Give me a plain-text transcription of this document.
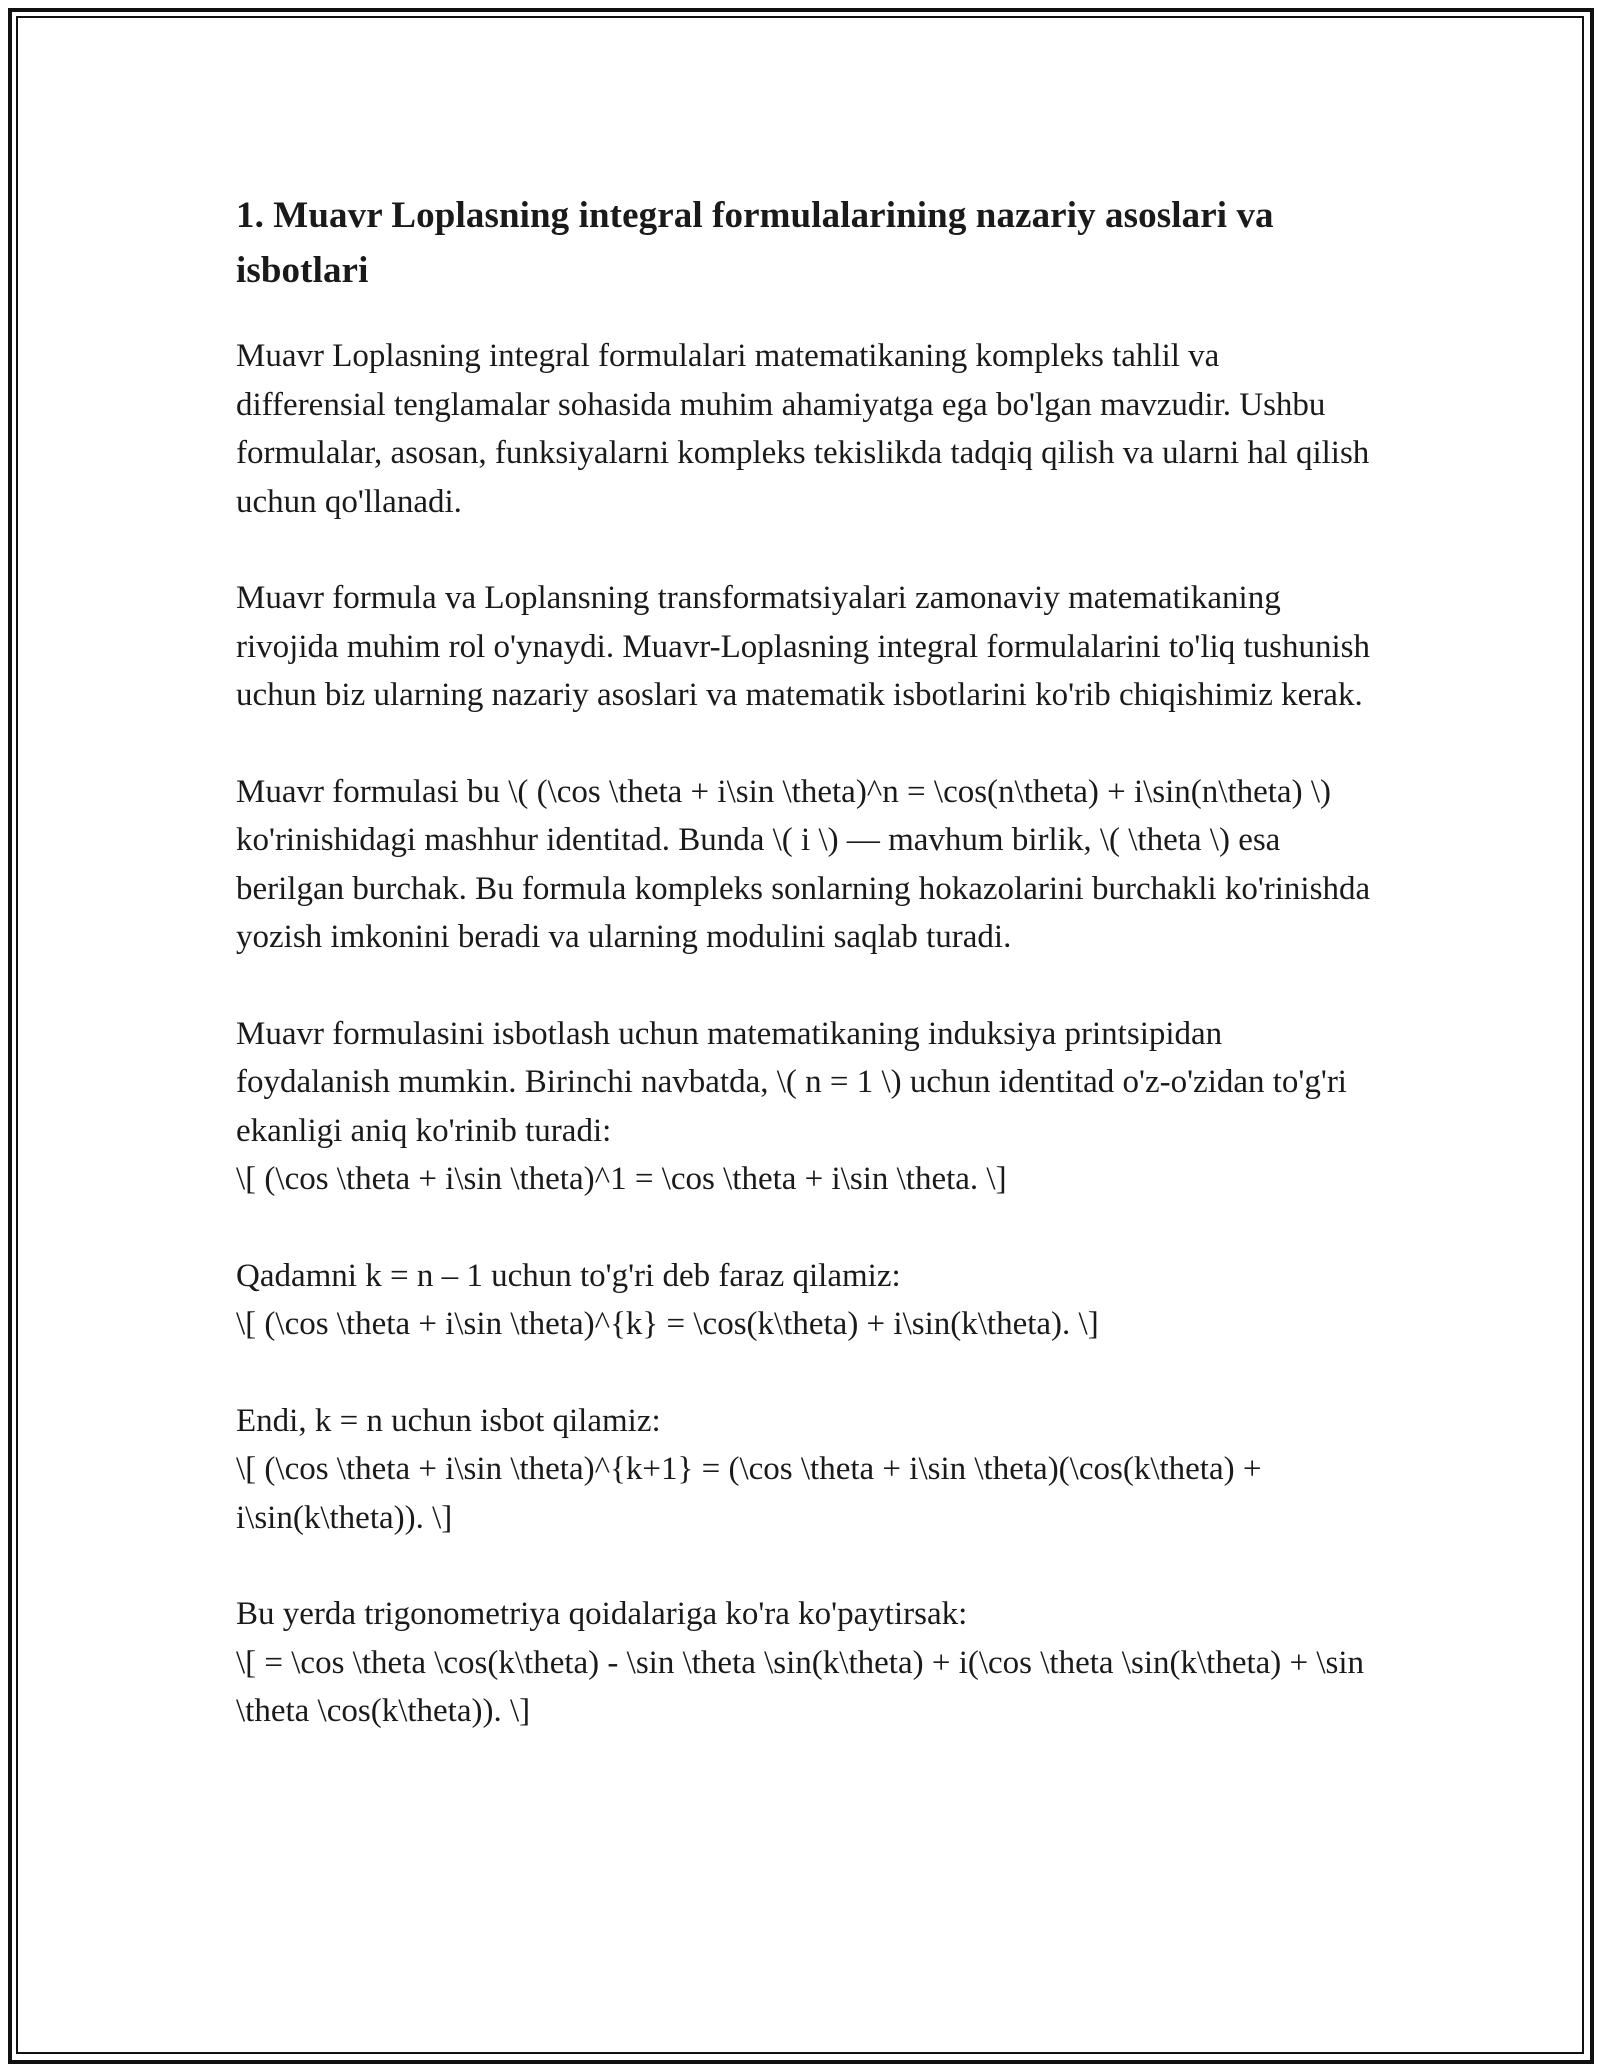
1. Muavr Loplasning integral formulalarining nazariy asoslari va isbotlari

Muavr Loplasning integral formulalari matematikaning kompleks tahlil va differensial tenglamalar sohasida muhim ahamiyatga ega bo'lgan mavzudir. Ushbu formulalar, asosan, funksiyalarni kompleks tekislikda tadqiq qilish va ularni hal qilish uchun qo'llanadi.

Muavr formula va Loplansning transformatsiyalari zamonaviy matematikaning rivojida muhim rol o'ynaydi. Muavr-Loplasning integral formulalarini to'liq tushunish uchun biz ularning nazariy asoslari va matematik isbotlarini ko'rib chiqishimiz kerak.

Muavr formulasi bu \( (\cos \theta + i\sin \theta)^n = \cos(n\theta) + i\sin(n\theta) \) ko'rinishidagi mashhur identitad. Bunda \( i \) — mavhum birlik, \( \theta \) esa berilgan burchak. Bu formula kompleks sonlarning hokazolarini burchakli ko'rinishda yozish imkonini beradi va ularning modulini saqlab turadi.

Muavr formulasini isbotlash uchun matematikaning induksiya printsipidan foydalanish mumkin. Birinchi navbatda, \( n = 1 \) uchun identitad o'z-o'zidan to'g'ri ekanligi aniq ko'rinib turadi:
\[ (\cos \theta + i\sin \theta)^1 = \cos \theta + i\sin \theta. \]

Qadamni k = n – 1 uchun to'g'ri deb faraz qilamiz:
\[ (\cos \theta + i\sin \theta)^{k} = \cos(k\theta) + i\sin(k\theta). \]

Endi, k = n uchun isbot qilamiz:
\[ (\cos \theta + i\sin \theta)^{k+1} = (\cos \theta + i\sin \theta)(\cos(k\theta) + i\sin(k\theta)). \]

Bu yerda trigonometriya qoidalariga ko'ra ko'paytirsak:
\[ = \cos \theta \cos(k\theta) - \sin \theta \sin(k\theta) + i(\cos \theta \sin(k\theta) + \sin \theta \cos(k\theta)). \]
